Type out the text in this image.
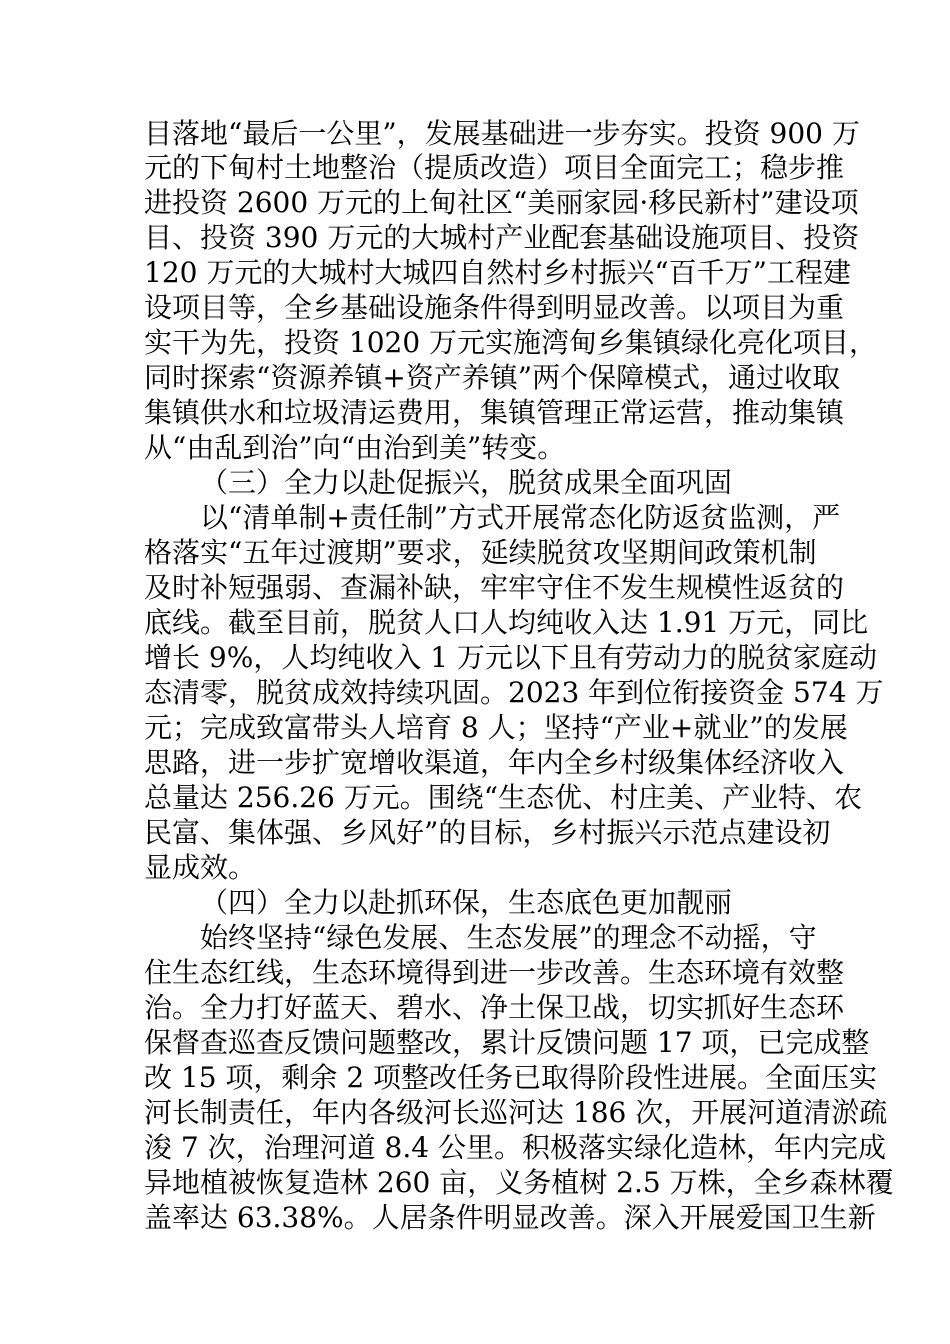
目落地“最后一公里”，发展基础进一步夯实。投资 900 万
元的下甸村土地整治（提质改造）项目全面完工；稳步推
进投资 2600 万元的上甸社区“美丽家园·移民新村”建设项
目、投资 390 万元的大城村产业配套基础设施项目、投资
120 万元的大城村大城四自然村乡村振兴“百千万”工程建
设项目等，全乡基础设施条件得到明显改善。以项目为重
实干为先，投资 1020 万元实施湾甸乡集镇绿化亮化项目，
同时探索“资源养镇+资产养镇”两个保障模式，通过收取
集镇供水和垃圾清运费用，集镇管理正常运营，推动集镇
从“由乱到治”向“由治到美”转变。
（三）全力以赴促振兴，脱贫成果全面巩固
以“清单制+责任制”方式开展常态化防返贫监测，严
格落实“五年过渡期”要求，延续脱贫攻坚期间政策机制
及时补短强弱、查漏补缺，牢牢守住不发生规模性返贫的
底线。截至目前，脱贫人口人均纯收入达 1.91 万元，同比
增长 9%，人均纯收入 1 万元以下且有劳动力的脱贫家庭动
态清零，脱贫成效持续巩固。2023 年到位衔接资金 574 万
元；完成致富带头人培育 8 人；坚持“产业+就业”的发展
思路，进一步扩宽增收渠道，年内全乡村级集体经济收入
总量达 256.26 万元。围绕“生态优、村庄美、产业特、农
民富、集体强、乡风好”的目标，乡村振兴示范点建设初
显成效。
（四）全力以赴抓环保，生态底色更加靓丽
始终坚持“绿色发展、生态发展”的理念不动摇，守
住生态红线，生态环境得到进一步改善。生态环境有效整
治。全力打好蓝天、碧水、净土保卫战，切实抓好生态环
保督查巡查反馈问题整改，累计反馈问题 17 项，已完成整
改 15 项，剩余 2 项整改任务已取得阶段性进展。全面压实
河长制责任，年内各级河长巡河达 186 次，开展河道清淤疏
浚 7 次，治理河道 8.4 公里。积极落实绿化造林，年内完成
异地植被恢复造林 260 亩，义务植树 2.5 万株，全乡森林覆
盖率达 63.38%。人居条件明显改善。深入开展爱国卫生新
